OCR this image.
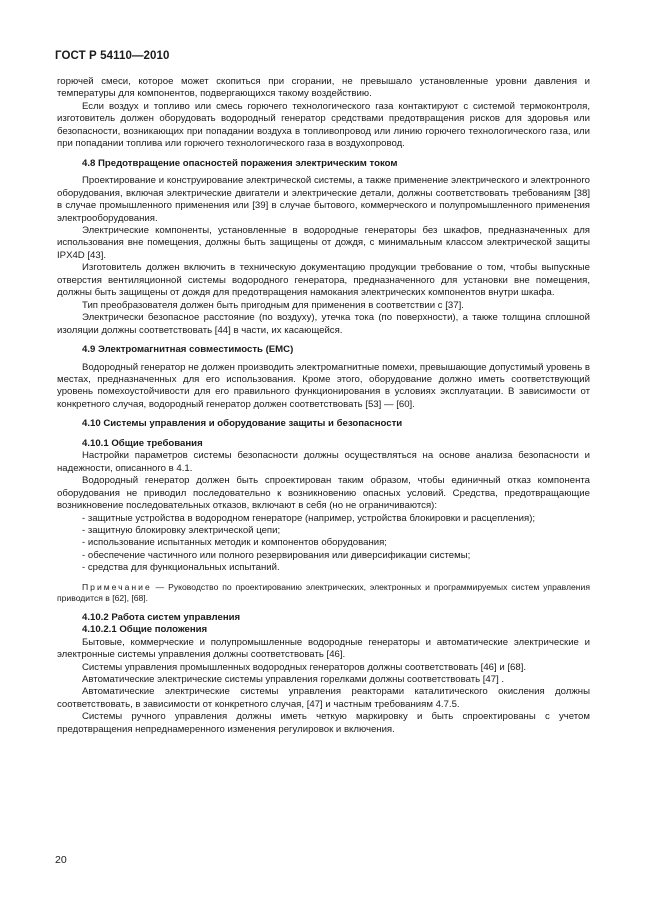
ГОСТ Р 54110—2010

горючей смеси, которое может скопиться при сгорании, не превышало установленные уровни давления и температуры для компонентов, подвергающихся такому воздействию.

Если воздух и топливо или смесь горючего технологического газа контактируют с системой термоконтроля, изготовитель должен оборудовать водородный генератор средствами предотвращения рисков для здоровья или безопасности, возникающих при попадании воздуха в топливопровод или линию горючего технологического газа, или при попадании топлива или горючего технологического газа в воздухопровод.

4.8 Предотвращение опасностей поражения электрическим током

Проектирование и конструирование электрической системы, а также применение электрического и электронного оборудования, включая электрические двигатели и электрические детали, должны соответствовать требованиям [38] в случае промышленного применения или [39] в случае бытового, коммерческого и полупромышленного применения электрооборудования.

Электрические компоненты, установленные в водородные генераторы без шкафов, предназначенных для использования вне помещения, должны быть защищены от дождя, с минимальным классом электрической защиты IPX4D [43].

Изготовитель должен включить в техническую документацию продукции требование о том, чтобы выпускные отверстия вентиляционной системы водородного генератора, предназначенного для установки вне помещения, должны быть защищены от дождя для предотвращения намокания электрических компонентов внутри шкафа.

Тип преобразователя должен быть пригодным для применения в соответствии с [37].

Электрически безопасное расстояние (по воздуху), утечка тока (по поверхности), а также толщина сплошной изоляции должны соответствовать [44] в части, их касающейся.

4.9 Электромагнитная совместимость (ЕМС)

Водородный генератор не должен производить электромагнитные помехи, превышающие допустимый уровень в местах, предназначенных для его использования. Кроме этого, оборудование должно иметь соответствующий уровень помехоустойчивости для его правильного функционирования в условиях эксплуатации. В зависимости от конкретного случая, водородный генератор должен соответствовать [53] — [60].

4.10 Системы управления и оборудование защиты и безопасности

4.10.1 Общие требования

Настройки параметров системы безопасности должны осуществляться на основе анализа безопасности и надежности, описанного в 4.1.

Водородный генератор должен быть спроектирован таким образом, чтобы единичный отказ компонента оборудования не приводил последовательно к возникновению опасных условий. Средства, предотвращающие возникновение последовательных отказов, включают в себя (но не ограничиваются):

- защитные устройства в водородном генераторе (например, устройства блокировки и расцепления);

- защитную блокировку электрической цепи;

- использование испытанных методик и компонентов оборудования;

- обеспечение частичного или полного резервирования или диверсификации системы;

- средства для функциональных испытаний.

Примечание — Руководство по проектированию электрических, электронных и программируемых систем управления приводится в [62], [68].

4.10.2 Работа систем управления

4.10.2.1 Общие положения

Бытовые, коммерческие и полупромышленные водородные генераторы и автоматические электрические и электронные системы управления должны соответствовать [46].

Системы управления промышленных водородных генераторов должны соответствовать [46] и [68].

Автоматические электрические системы управления горелками должны соответствовать [47] .

Автоматические электрические системы управления реакторами каталитического окисления должны соответствовать, в зависимости от конкретного случая, [47] и частным требованиям 4.7.5.

Системы ручного управления должны иметь четкую маркировку и быть спроектированы с учетом предотвращения непреднамеренного изменения регулировок и включения.

20
